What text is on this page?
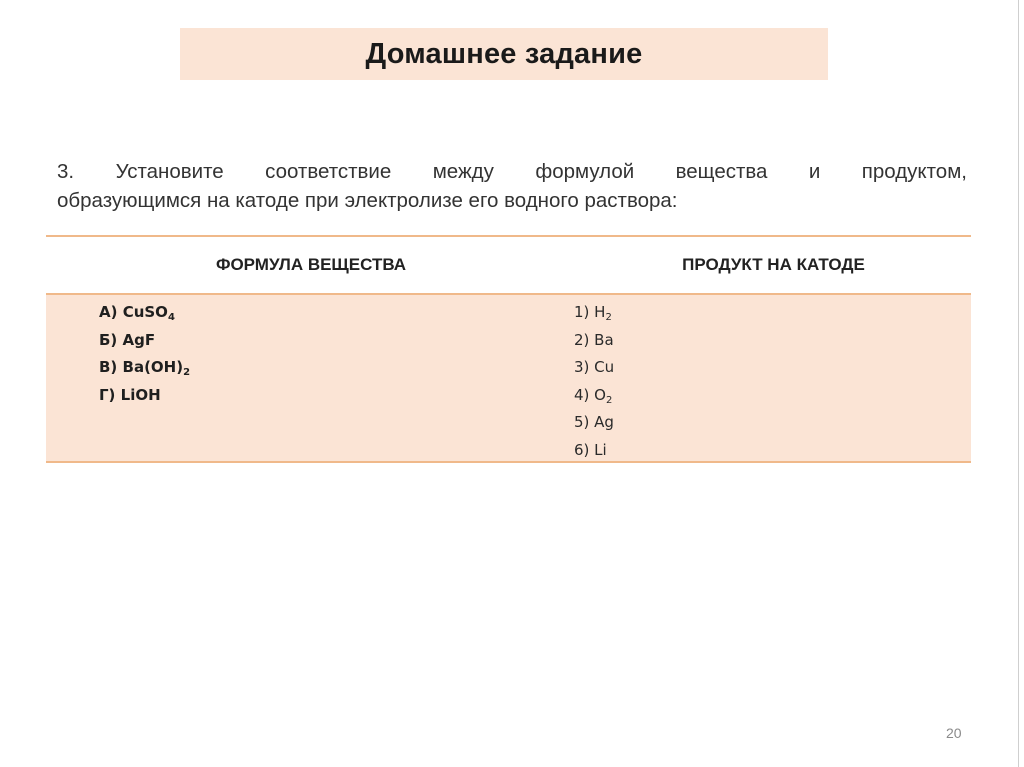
Домашнее задание
3. Установите соответствие между формулой вещества и продуктом,
образующимся на катоде при электролизе его водного раствора:
ФОРМУЛА ВЕЩЕСТВА	ПРОДУКТ НА КАТОДЕ
А) CuSO$_4$
Б) AgF
В) $Ba(OH)_2$
Г) LiOH
1) $H_2$
2) Ba
3) Cu
4) $O_2$
5) Ag
6) Li
20
